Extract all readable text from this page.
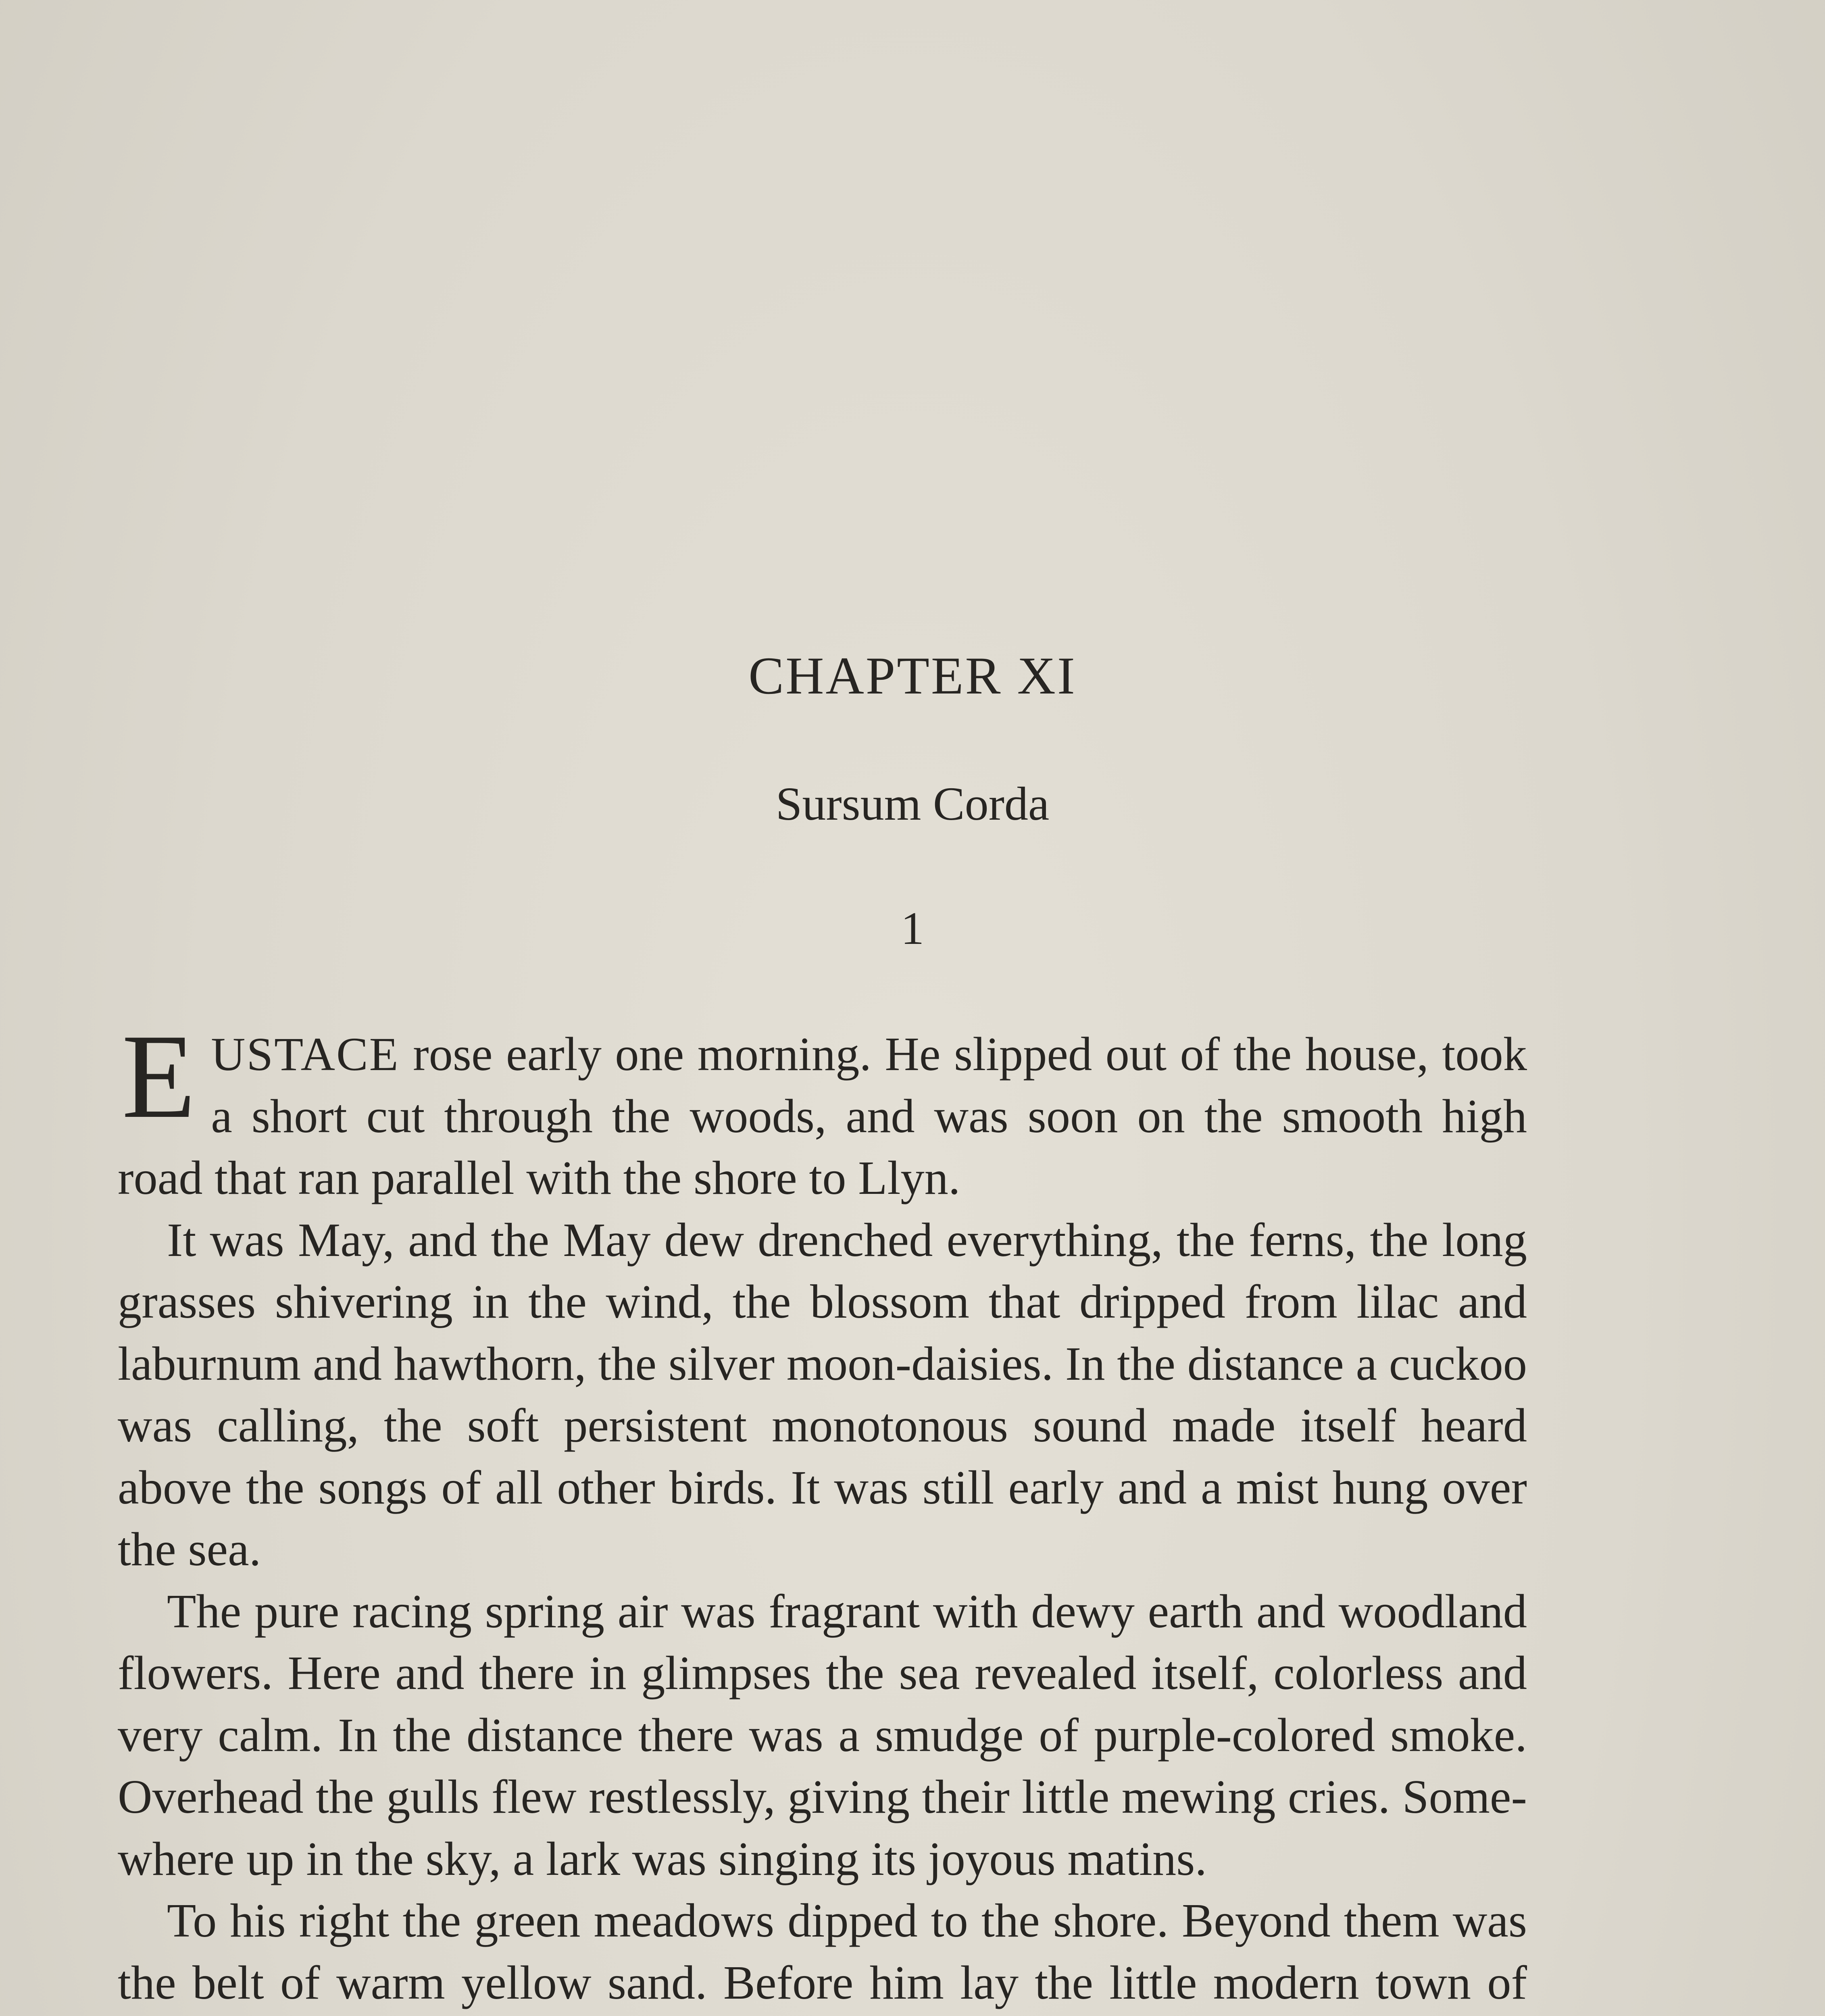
CHAPTER XI
Sursum Corda
1

EUSTACE rose early one morning. He slipped out of the house, took a short cut through the woods, and was soon on the smooth high road that ran parallel with the shore to Llyn.

It was May, and the May dew drenched everything, the ferns, the long grasses shivering in the wind, the blossom that dripped from lilac and laburnum and hawthorn, the silver moon-daisies. In the distance a cuckoo was calling, the soft persistent monotonous sound made itself heard above the songs of all other birds. It was still early and a mist hung over the sea.

The pure racing spring air was fragrant with dewy earth and woodland flowers. Here and there in glimpses the sea revealed itself, colorless and very calm. In the distance there was a smudge of purple-colored smoke. Overhead the gulls flew restlessly, giving their little mewing cries. Somewhere up in the sky, a lark was singing its joyous matins.

To his right the green meadows dipped to the shore. Beyond them was the belt of warm yellow sand. Before him lay the little modern town of
